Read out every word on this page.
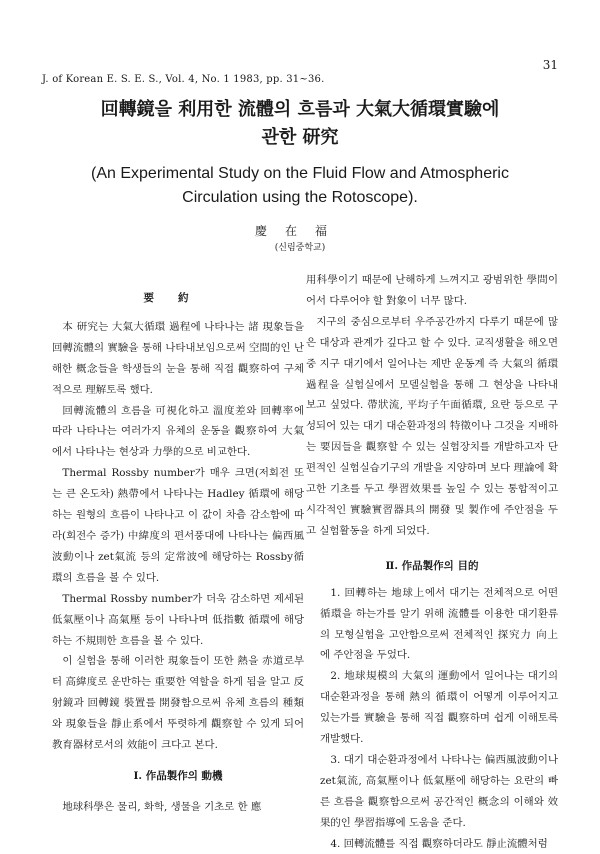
31
J. of Korean E. S. E. S., Vol. 4, No. 1 1983, pp. 31~36.
回轉鏡을 利用한 流體의 흐름과 大氣大循環實驗에
관한 研究
(An Experimental Study on the Fluid Flow and Atmospheric
Circulation using the Rotoscope).
慶在福
(신림중학교)
要約

本 研究는 大氣大循環 過程에 나타나는 諸 現象들을 回轉流體의 實驗을 통해 나타내보임으로써 空間的인 난해한 概念들을 학생들의 눈을 통해 직접 觀察하여 구체적으로 理解토록 했다.

回轉流體의 흐름을 可視化하고 溫度差와 回轉率에 따라 나타나는 여러가지 유체의 운동을 觀察하여 大氣에서 나타나는 현상과 力學的으로 비교한다.

Thermal Rossby number가 매우 크면(저회전 또는 큰 온도차) 熱帶에서 나타나는 Hadley 循環에 해당하는 원형의 흐름이 나타나고 이 값이 차츰 감소함에 따라(회전수 증가) 中緯度의 편서풍대에 나타나는 偏西風 波動이나 zet氣流 등의 定常波에 해당하는 Rossby循環의 흐름을 볼 수 있다.

Thermal Rossby number가 더욱 감소하면 제세된 低氣壓이나 高氣壓 등이 나타나며 低指數 循環에 해당하는 不規則한 흐름을 볼 수 있다.

이 실험을 통해 이러한 現象들이 또한 熱을 赤道로부터 高緯度로 운반하는 重要한 역할을 하게 됨을 알고 反射鏡과 回轉鏡 裝置를 開發함으로써 유체 흐름의 種類와 現象들을 靜止系에서 뚜렷하게 觀察할 수 있게 되어 教育器材로서의 效能이 크다고 본다.

Ⅰ. 作品製作의 動機

地球科學은 물리, 화학, 생물을 기초로 한 應

用科學이기 때문에 난해하게 느껴지고 광범위한 學問이어서 다루어야 할 對象이 너무 많다.

지구의 중심으로부터 우주공간까지 다루기 때문에 많은 대상과 관계가 깊다고 할 수 있다. 교직생활을 해오면 중 지구 대기에서 일어나는 제반 운동계 즉 大氣의 循環過程을 실험실에서 모델실험을 통해 그 현상을 나타내 보고 싶었다. 帶狀流, 平均子午面循環, 요란 등으로 구성되어 있는 대기 대순환과정의 特徵이나 그것을 지배하는 要因들을 觀察할 수 있는 실험장치를 개발하고자 단편적인 실험실습기구의 개발을 지양하며 보다 理論에 확고한 기초를 두고 學習效果를 높일 수 있는 통합적이고 시각적인 實驗實習器具의 開發 및 製作에 주안점을 두고 실험활동을 하게 되었다.

Ⅱ. 作品製作의 目的

1. 回轉하는 地球上에서 대기는 전체적으로 어떤 循環을 하는가를 알기 위해 流體를 이용한 대기환류의 모형실험을 고안함으로써 전체적인 探究力 向上에 주안점을 두었다.

2. 地球規模의 大氣의 運動에서 일어나는 대기의 대순환과정을 통해 熱의 循環이 어떻게 이루어지고 있는가를 實驗을 통해 직접 觀察하며 쉽게 이해토록 개발했다.

3. 대기 대순환과정에서 나타나는 偏西風波動이나 zet氣流, 高氣壓이나 低氣壓에 해당하는 요란의 빠른 흐름을 觀察함으로써 공간적인 概念의 이해와 效果的인 學習指導에 도움을 준다.

4. 回轉流體를 직접 觀察하더라도 靜止流體처럼
